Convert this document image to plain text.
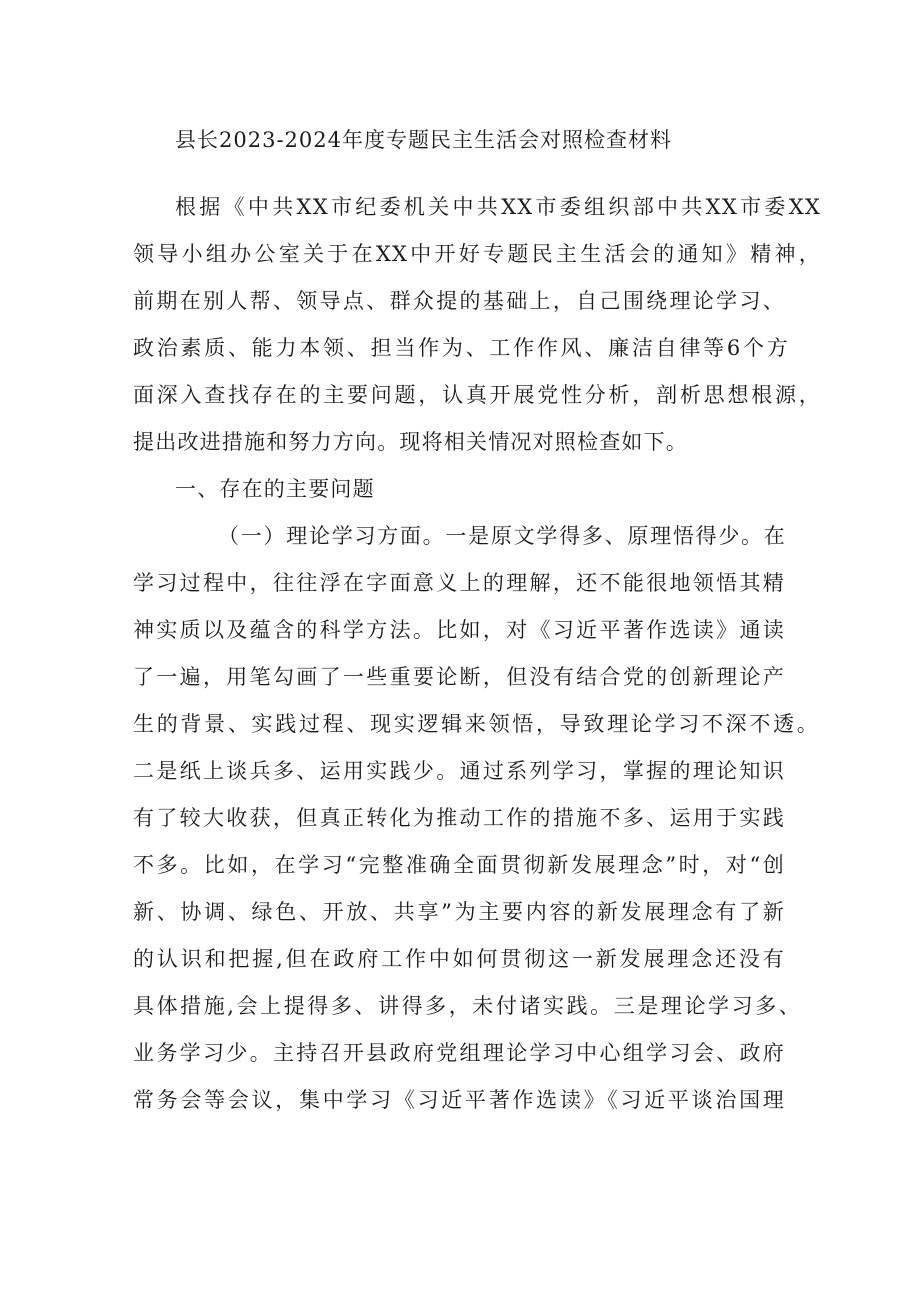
县长2023-2024年度专题民主生活会对照检查材料
根据《中共XX市纪委机关中共XX市委组织部中共XX市委XX
领导小组办公室关于在XX中开好专题民主生活会的通知》精神，
前期在别人帮、领导点、群众提的基础上，自己围绕理论学习、
政治素质、能力本领、担当作为、工作作风、廉洁自律等6个方
面深入查找存在的主要问题，认真开展党性分析，剖析思想根源，
提出改进措施和努力方向。现将相关情况对照检查如下。
一、存在的主要问题
（一）理论学习方面。一是原文学得多、原理悟得少。在
学习过程中，往往浮在字面意义上的理解，还不能很地领悟其精
神实质以及蕴含的科学方法。比如，对《习近平著作选读》通读
了一遍，用笔勾画了一些重要论断，但没有结合党的创新理论产
生的背景、实践过程、现实逻辑来领悟，导致理论学习不深不透。
二是纸上谈兵多、运用实践少。通过系列学习，掌握的理论知识
有了较大收获，但真正转化为推动工作的措施不多、运用于实践
不多。比如，在学习“完整准确全面贯彻新发展理念”时，对“创
新、协调、绿色、开放、共享”为主要内容的新发展理念有了新
的认识和把握,但在政府工作中如何贯彻这一新发展理念还没有
具体措施,会上提得多、讲得多，未付诸实践。三是理论学习多、
业务学习少。主持召开县政府党组理论学习中心组学习会、政府
常务会等会议，集中学习《习近平著作选读》《习近平谈治国理
